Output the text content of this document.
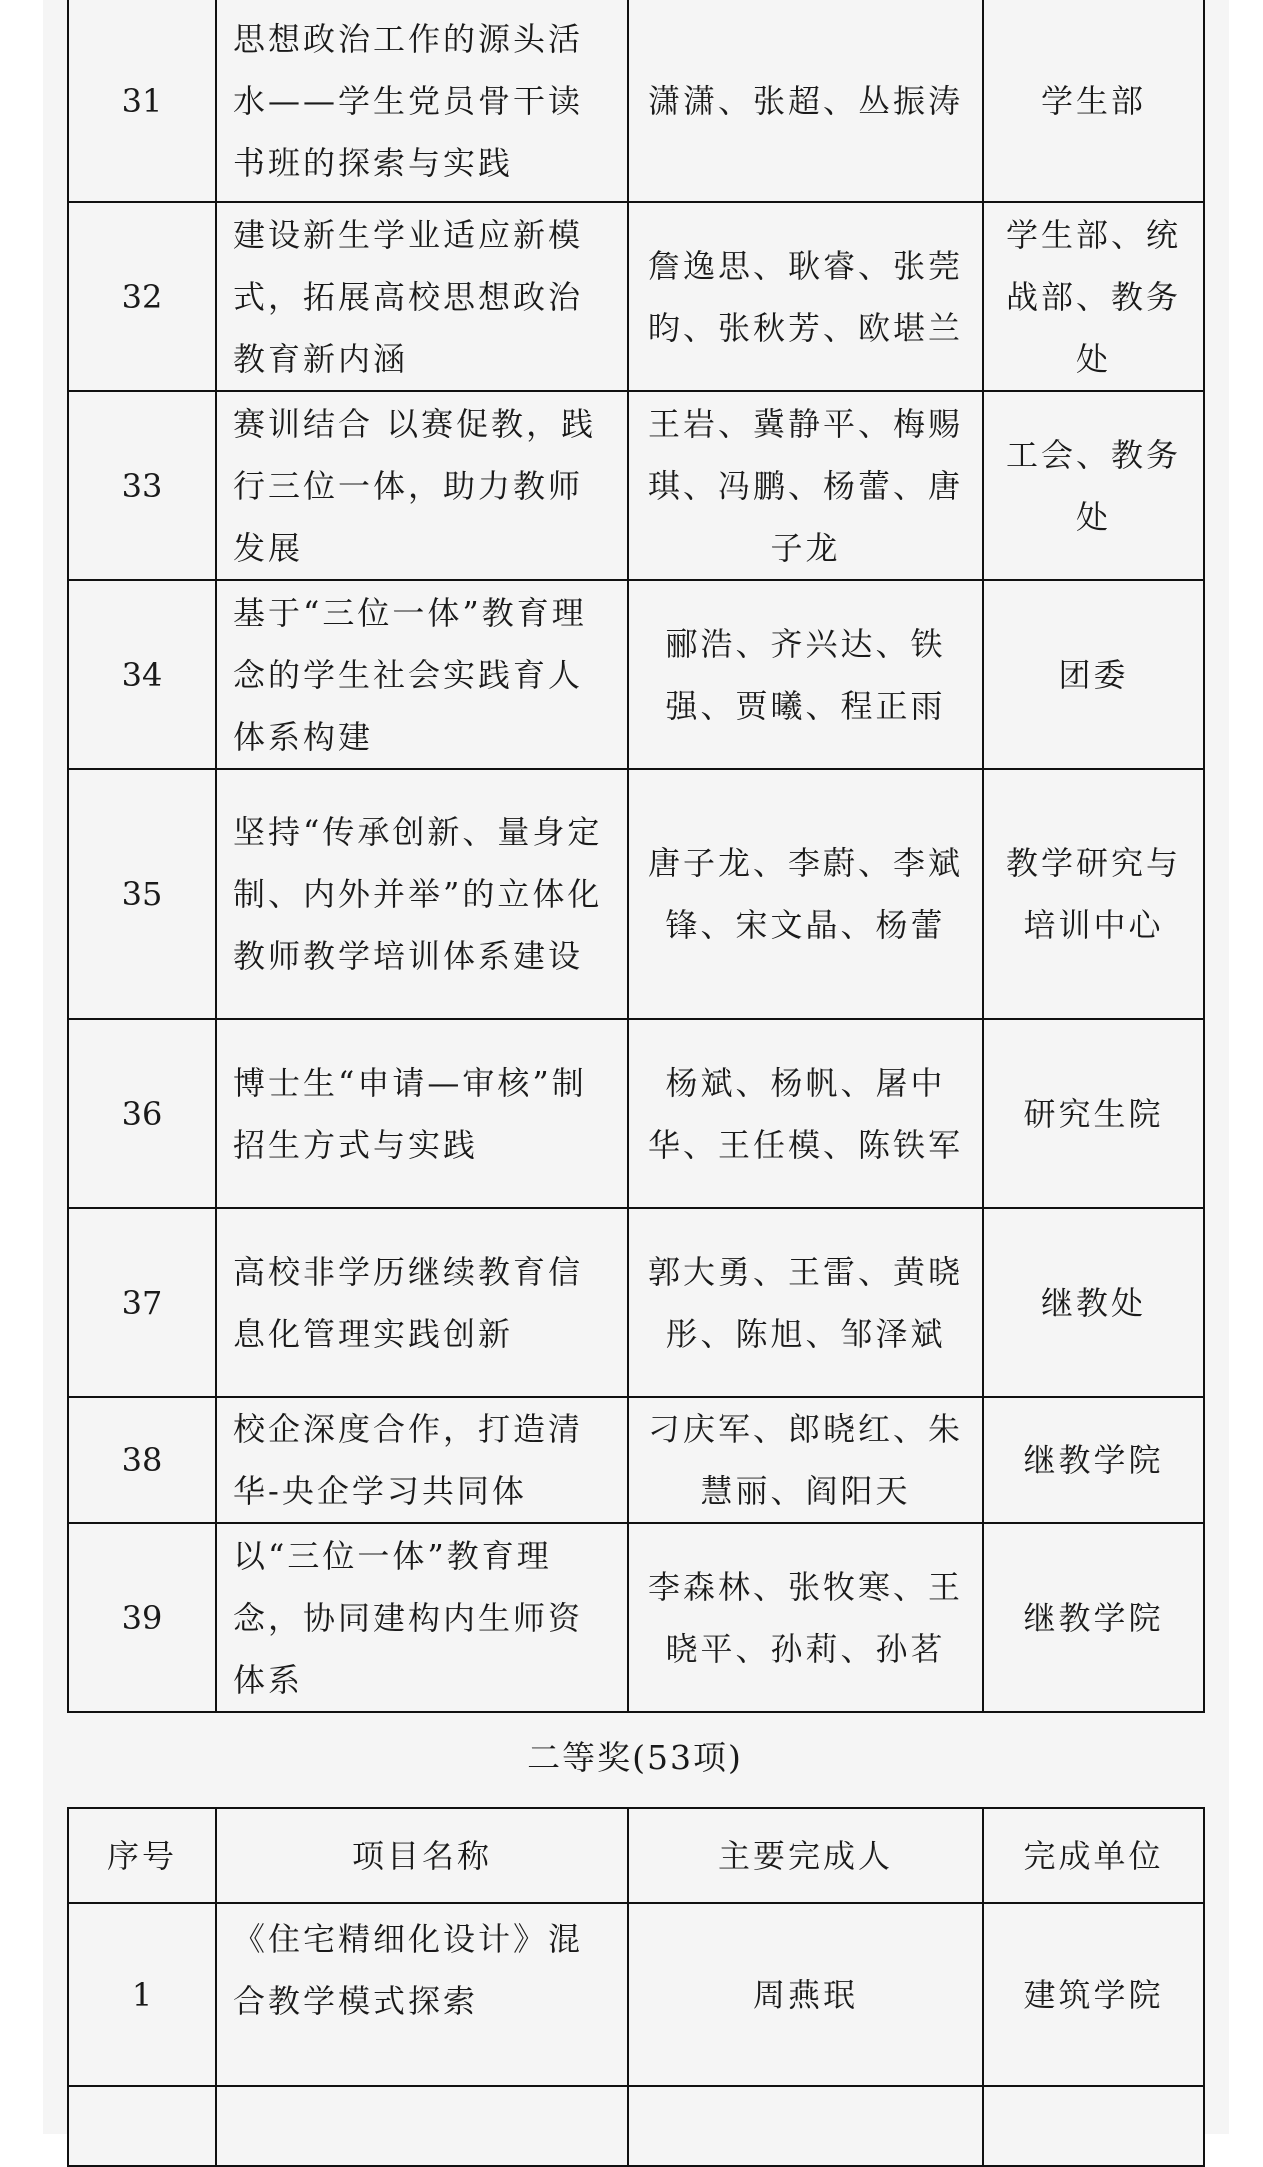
31	思想政治工作的源头活水——学生党员骨干读书班的探索与实践	潇潇、张超、丛振涛	学生部
32	建设新生学业适应新模式，拓展高校思想政治教育新内涵	詹逸思、耿睿、张莞昀、张秋芳、欧堪兰	学生部、统战部、教务处
33	赛训结合 以赛促教，践行三位一体，助力教师发展	王岩、冀静平、梅赐琪、冯鹏、杨蕾、唐子龙	工会、教务处
34	基于“三位一体”教育理念的学生社会实践育人体系构建	郦浩、齐兴达、铁强、贾曦、程正雨	团委
35	坚持“传承创新、量身定制、内外并举”的立体化教师教学培训体系建设	唐子龙、李蔚、李斌锋、宋文晶、杨蕾	教学研究与培训中心
36	博士生“申请—审核”制招生方式与实践	杨斌、杨帆、屠中华、王任模、陈铁军	研究生院
37	高校非学历继续教育信息化管理实践创新	郭大勇、王雷、黄晓彤、陈旭、邹泽斌	继教处
38	校企深度合作，打造清华-央企学习共同体	刁庆军、郎晓红、朱慧丽、阎阳天	继教学院
39	以“三位一体”教育理念，协同建构内生师资体系	李森林、张牧寒、王晓平、孙莉、孙茗	继教学院
二等奖(53项)
序号	项目名称	主要完成人	完成单位
1	《住宅精细化设计》混合教学模式探索	周燕珉	建筑学院
